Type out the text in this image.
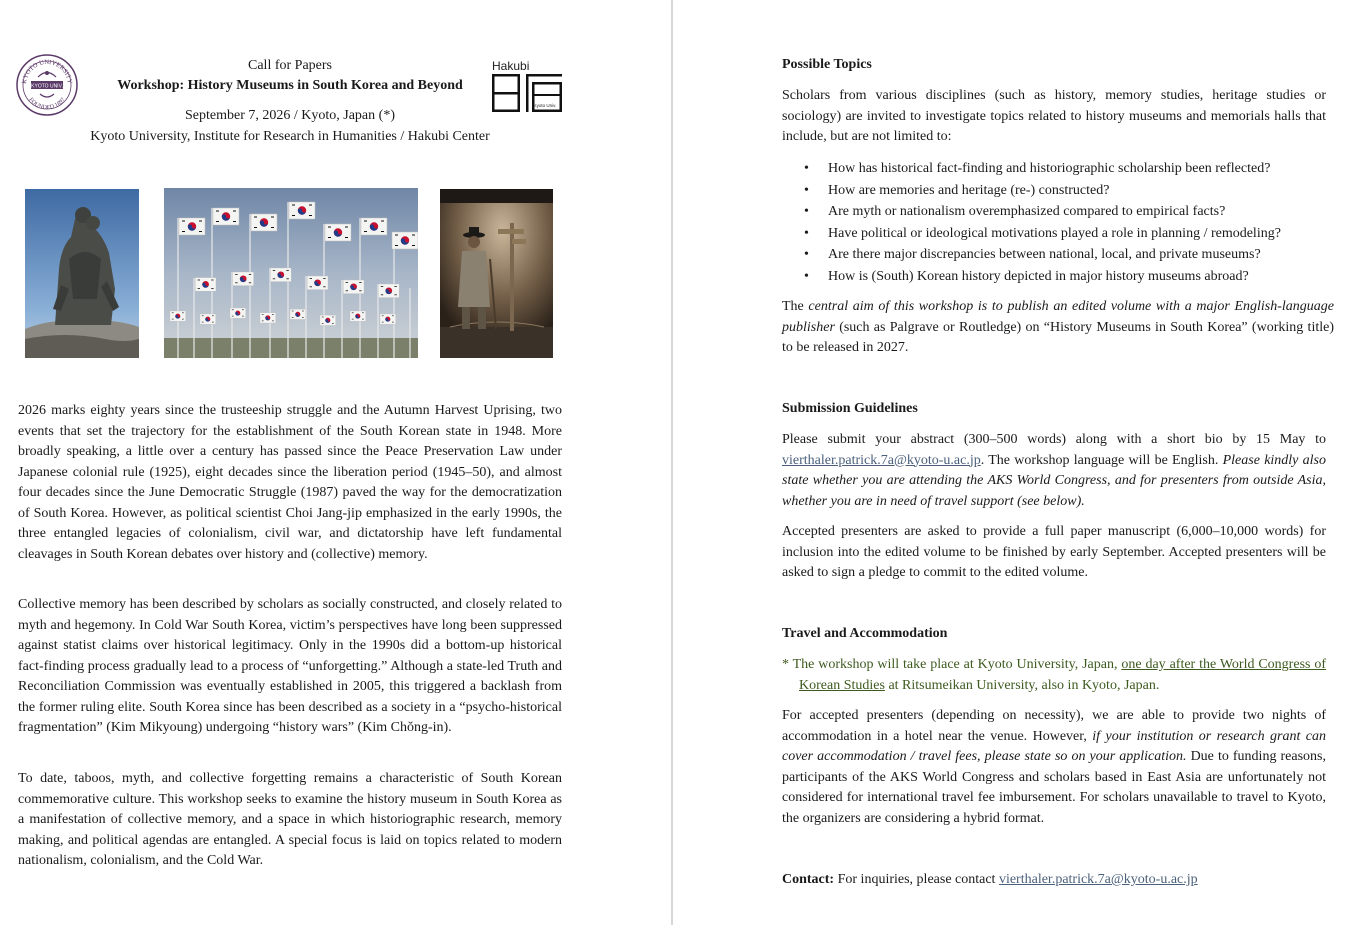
KYOTO UNIVERSITY
FOUNDED 1897
KYOTO UNIV.
Hakubi
Kyoto Univ.
Call for Papers
Workshop: History Museums in South Korea and Beyond
September 7, 2026 / Kyoto, Japan (*)
Kyoto University, Institute for Research in Humanities / Hakubi Center

2026 marks eighty years since the trusteeship struggle and the Autumn Harvest Uprising, two events that set the trajectory for the establishment of the South Korean state in 1948. More broadly speaking, a little over a century has passed since the Peace Preservation Law under Japanese colonial rule (1925), eight decades since the liberation period (1945–50), and almost four decades since the June Democratic Struggle (1987) paved the way for the democratization of South Korea. However, as political scientist Choi Jang-jip emphasized in the early 1990s, the three entangled legacies of colonialism, civil war, and dictatorship have left fundamental cleavages in South Korean debates over history and (collective) memory.

Collective memory has been described by scholars as socially constructed, and closely related to myth and hegemony. In Cold War South Korea, victim’s perspectives have long been suppressed against statist claims over historical legitimacy. Only in the 1990s did a bottom-up historical fact-finding process gradually lead to a process of “unforgetting.” Although a state-led Truth and Reconciliation Commission was eventually established in 2005, this triggered a backlash from the former ruling elite. South Korea since has been described as a society in a “psycho-historical fragmentation” (Kim Mikyoung) undergoing “history wars” (Kim Chŏng-in).

To date, taboos, myth, and collective forgetting remains a characteristic of South Korean commemorative culture. This workshop seeks to examine the history museum in South Korea as a manifestation of collective memory, and a space in which historiographic research, memory making, and political agendas are entangled. A special focus is laid on topics related to modern nationalism, colonialism, and the Cold War.

Possible Topics

Scholars from various disciplines (such as history, memory studies, heritage studies or sociology) are invited to investigate topics related to history museums and memorials halls that include, but are not limited to:

• How has historical fact-finding and historiographic scholarship been reflected?
• How are memories and heritage (re-) constructed?
• Are myth or nationalism overemphasized compared to empirical facts?
• Have political or ideological motivations played a role in planning / remodeling?
• Are there major discrepancies between national, local, and private museums?
• How is (South) Korean history depicted in major history museums abroad?

The central aim of this workshop is to publish an edited volume with a major English-language publisher (such as Palgrave or Routledge) on “History Museums in South Korea” (working title) to be released in 2027.

Submission Guidelines

Please submit your abstract (300–500 words) along with a short bio by 15 May to vierthaler.patrick.7a@kyoto-u.ac.jp. The workshop language will be English. Please kindly also state whether you are attending the AKS World Congress, and for presenters from outside Asia, whether you are in need of travel support (see below).

Accepted presenters are asked to provide a full paper manuscript (6,000–10,000 words) for inclusion into the edited volume to be finished by early September. Accepted presenters will be asked to sign a pledge to commit to the edited volume.

Travel and Accommodation

* The workshop will take place at Kyoto University, Japan, one day after the World Congress of Korean Studies at Ritsumeikan University, also in Kyoto, Japan.

For accepted presenters (depending on necessity), we are able to provide two nights of accommodation in a hotel near the venue. However, if your institution or research grant can cover accommodation / travel fees, please state so on your application. Due to funding reasons, participants of the AKS World Congress and scholars based in East Asia are unfortunately not considered for international travel fee imbursement. For scholars unavailable to travel to Kyoto, the organizers are considering a hybrid format.

Contact: For inquiries, please contact vierthaler.patrick.7a@kyoto-u.ac.jp
